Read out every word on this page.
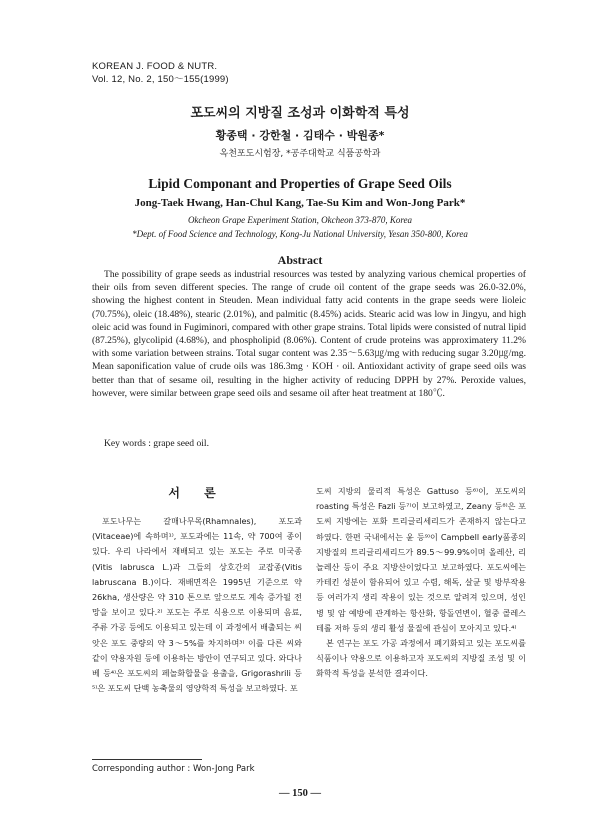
KOREAN J. FOOD & NUTR.
Vol. 12, No. 2, 150～155(1999)
포도씨의 지방질 조성과 이화학적 특성
황종택 · 강한철 · 김태수 · 박원종*
옥천포도시험장, *공주대학교 식품공학과
Lipid Componant and Properties of Grape Seed Oils
Jong-Taek Hwang, Han-Chul Kang, Tae-Su Kim and Won-Jong Park*
Okcheon Grape Experiment Station, Okcheon 373-870, Korea
*Dept. of Food Science and Technology, Kong-Ju National University, Yesan 350-800, Korea
Abstract
The possibility of grape seeds as industrial resources was tested by analyzing various chemical properties of their oils from seven different species. The range of crude oil content of the grape seeds was 26.0-32.0%, showing the highest content in Steuden. Mean individual fatty acid contents in the grape seeds were lioleic (70.75%), oleic (18.48%), stearic (2.01%), and palmitic (8.45%) acids. Stearic acid was low in Jingyu, and high oleic acid was found in Fugiminori, compared with other grape strains. Total lipids were consisted of nutral lipid (87.25%), glycolipid (4.68%), and phospholipid (8.06%). Content of crude proteins was approximatery 11.2% with some variation between strains. Total sugar content was 2.35～5.63㎍/mg with reducing sugar 3.20㎍/mg. Mean saponification value of crude oils was 186.3mg · KOH · oil. Antioxidant activity of grape seed oils was better than that of sesame oil, resulting in the higher activity of reducing DPPH by 27%. Peroxide values, however, were similar between grape seed oils and sesame oil after heat treatment at 180℃.
Key words : grape seed oil.
서 론

포도나무는 갈매나무목(Rhamnales), 포도과(Vitaceae)에 속하며¹⁾, 포도과에는 11속, 약 700여 종이 있다. 우리 나라에서 재배되고 있는 포도는 주로 미국종(Vitis labrusca L.)과 그들의 상호간의 교잡종(Vitis labruscana B.)이다. 재배면적은 1995년 기준으로 약 26kha, 생산량은 약 310 톤으로 앞으로도 계속 증가될 전망을 보이고 있다.²⁾ 포도는 주로 식용으로 이용되며 음료, 주류 가공 등에도 이용되고 있는데 이 과정에서 배출되는 씨앗은 포도 중량의 약 3～5%를 차지하며³⁾ 이를 다른 씨와 같이 약용자원 등에 이용하는 방안이 연구되고 있다. 와다나베 등⁴⁾은 포도씨의 페놀화합물을 용출을, Grigorashrili 등⁵⁾은 포도씨 단백 농축물의 영양학적 특성을 보고하였다. 포

도씨 지방의 물리적 특성은 Gattuso 등⁶⁾이, 포도씨의 roasting 특성은 Fazli 등⁷⁾이 보고하였고, Zeany 등⁸⁾은 포도씨 지방에는 포화 트리글리세리드가 존재하지 않는다고 하였다. 한편 국내에서는 윤 등⁹⁾이 Campbell early품종의 지방질의 트리글리세리드가 89.5～99.9%이며 올레산, 리놀레산 등이 주요 지방산이었다고 보고하였다. 포도씨에는 카테킨 성분이 함유되어 있고 수렴, 해독, 살균 및 방부작용 등 여러가지 생리 작용이 있는 것으로 알려져 있으며, 성인병 및 암 예방에 관계하는 항산화, 항돌연변이, 혈중 콜레스테롤 저하 등의 생리 활성 물질에 관심이 모아지고 있다.⁴⁾

본 연구는 포도 가공 과정에서 폐기화되고 있는 포도씨를 식품이나 약용으로 이용하고자 포도씨의 지방질 조성 및 이화학적 특성을 분석한 결과이다.

Corresponding author : Won-Jong Park
— 150 —
